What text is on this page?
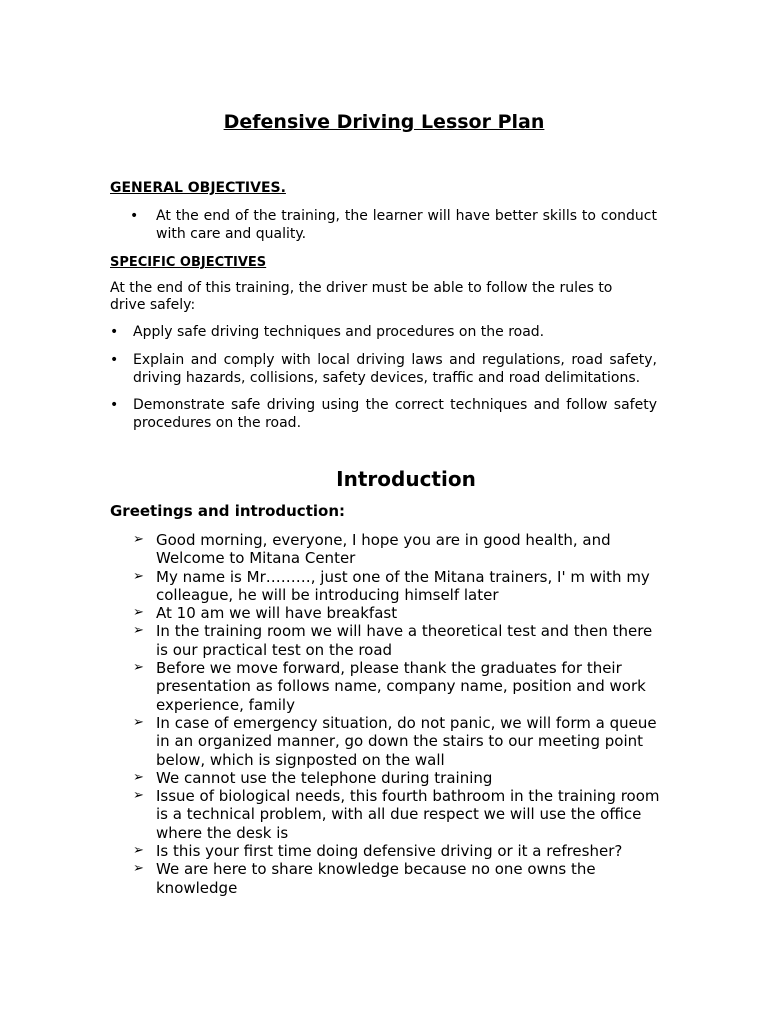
Defensive Driving Lessor Plan
GENERAL OBJECTIVES.
• At the end of the training, the learner will have better skills to conduct with care and quality.
SPECIFIC OBJECTIVES

At the end of this training, the driver must be able to follow the rules to drive safely:

• Apply safe driving techniques and procedures on the road.
• Explain and comply with local driving laws and regulations, road safety, driving hazards, collisions, safety devices, traffic and road delimitations.
• Demonstrate safe driving using the correct techniques and follow safety procedures on the road.
Introduction
Greetings and introduction:
➢ Good morning, everyone, I hope you are in good health, and Welcome to Mitana Center
➢ My name is Mr………, just one of the Mitana trainers, I' m with my colleague, he will be introducing himself later
➢ At 10 am we will have breakfast
➢ In the training room we will have a theoretical test and then there is our practical test on the road
➢ Before we move forward, please thank the graduates for their presentation as follows name, company name, position and work experience, family
➢ In case of emergency situation, do not panic, we will form a queue in an organized manner, go down the stairs to our meeting point below, which is signposted on the wall
➢ We cannot use the telephone during training
➢ Issue of biological needs, this fourth bathroom in the training room is a technical problem, with all due respect we will use the office where the desk is
➢ Is this your first time doing defensive driving or it a refresher?
➢ We are here to share knowledge because no one owns the knowledge
